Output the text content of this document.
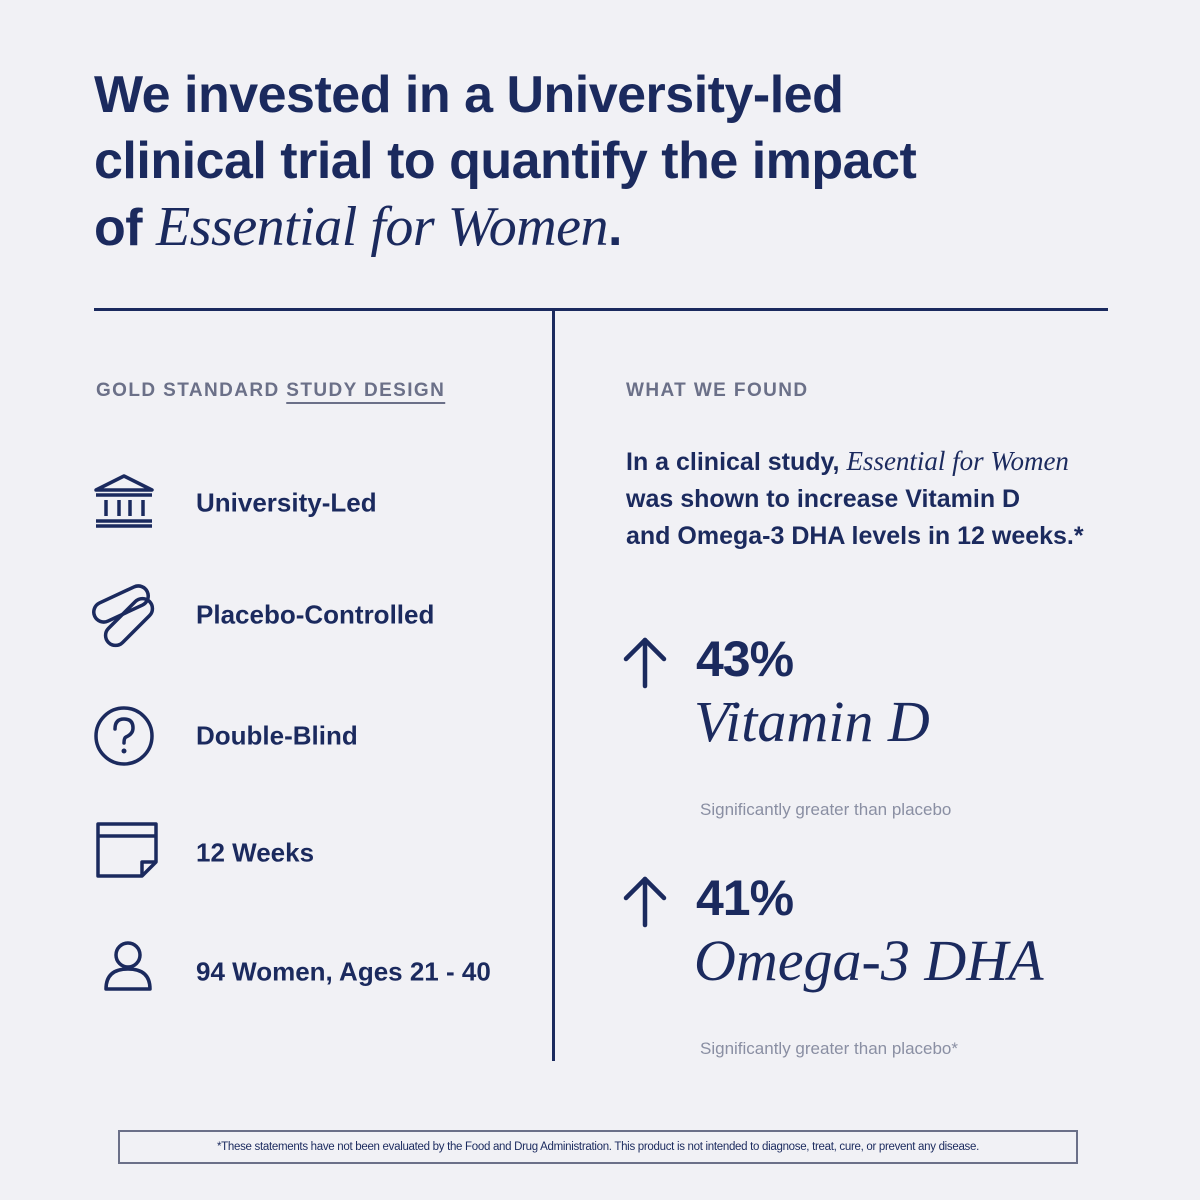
We invested in a University-led
clinical trial to quantify the impact
of Essential for Women.
GOLD STANDARD STUDY DESIGN
University-Led
Placebo-Controlled
Double-Blind
12 Weeks
94 Women, Ages 21 - 40
WHAT WE FOUND
In a clinical study, Essential for Women
was shown to increase Vitamin D
and Omega-3 DHA levels in 12 weeks.*
43%
Vitamin D
Significantly greater than placebo
41%
Omega-3 DHA
Significantly greater than placebo*
*These statements have not been evaluated by the Food and Drug Administration. This product is not intended to diagnose, treat, cure, or prevent any disease.
